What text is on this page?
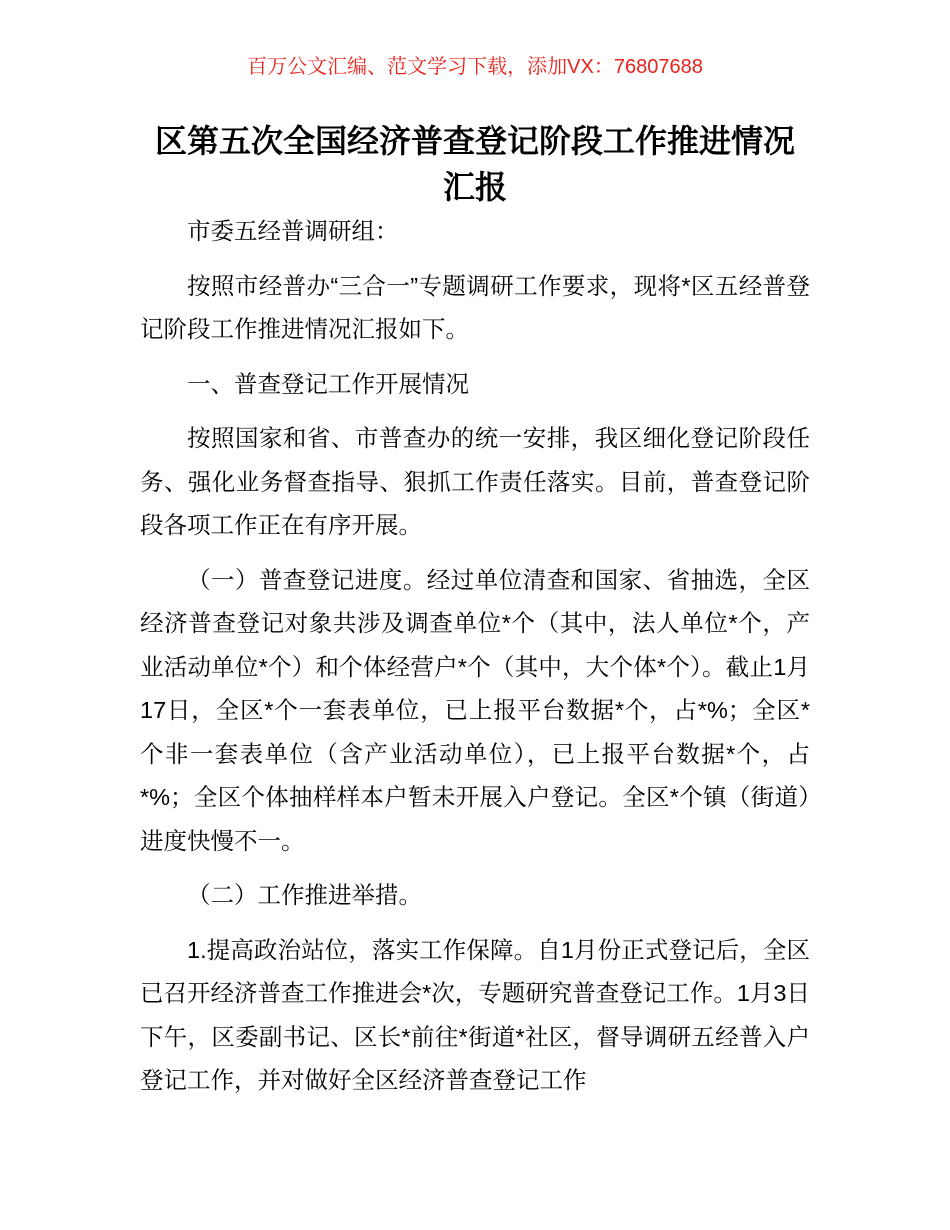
百万公文汇编、范文学习下载，添加VX：76807688
区第五次全国经济普查登记阶段工作推进情况汇报

市委五经普调研组：

按照市经普办“三合一”专题调研工作要求，现将*区五经普登记阶段工作推进情况汇报如下。

一、普查登记工作开展情况

按照国家和省、市普查办的统一安排，我区细化登记阶段任务、强化业务督查指导、狠抓工作责任落实。目前，普查登记阶段各项工作正在有序开展。

（一）普查登记进度。经过单位清查和国家、省抽选，全区经济普查登记对象共涉及调查单位*个（其中，法人单位*个，产业活动单位*个）和个体经营户*个（其中，大个体*个）。截止1月17日，全区*个一套表单位，已上报平台数据*个，占*%；全区*个非一套表单位（含产业活动单位），已上报平台数据*个，占*%；全区个体抽样样本户暂未开展入户登记。全区*个镇（街道）进度快慢不一。

（二）工作推进举措。

1.提高政治站位，落实工作保障。自1月份正式登记后，全区已召开经济普查工作推进会*次，专题研究普查登记工作。1月3日下午，区委副书记、区长*前往*街道*社区，督导调研五经普入户登记工作，并对做好全区经济普查登记工作
